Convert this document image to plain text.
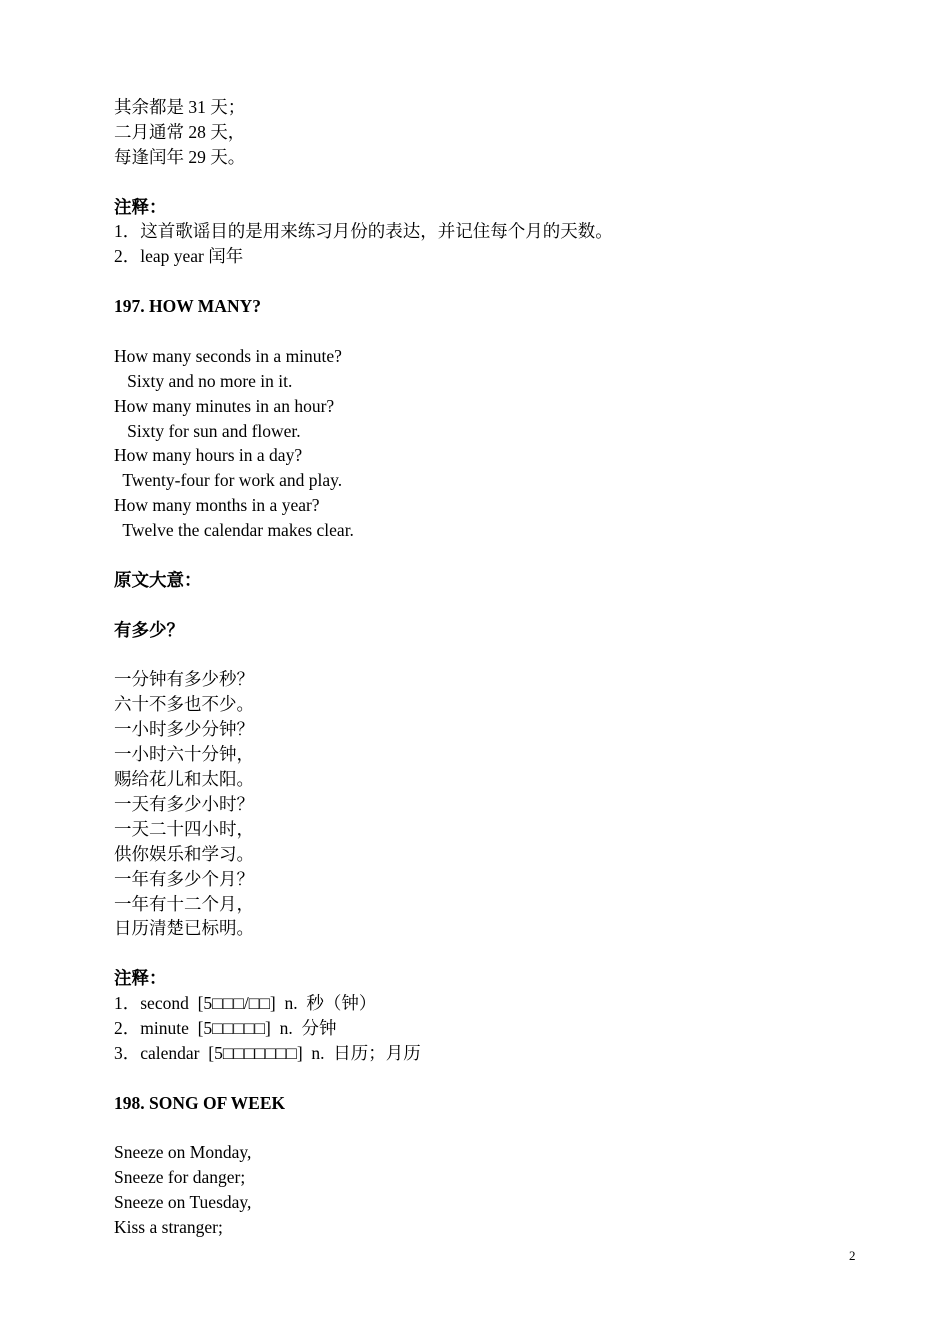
其余都是 31 天；
二月通常 28 天，
每逢闰年 29 天。
注释：
1．这首歌谣目的是用来练习月份的表达，并记住每个月的天数。
2．leap year 闰年
197. HOW MANY?
How many seconds in a minute?
Sixty and no more in it.
How many minutes in an hour?
Sixty for sun and flower.
How many hours in a day?
Twenty-four for work and play.
How many months in a year?
Twelve the calendar makes clear.
原文大意：
有多少？
一分钟有多少秒？
六十不多也不少。
一小时多少分钟？
一小时六十分钟，
赐给花儿和太阳。
一天有多少小时？
一天二十四小时，
供你娱乐和学习。
一年有多少个月？
一年有十二个月，
日历清楚已标明。
注释：
1．second  [5□□□/□□]  n.  秒（钟）
2．minute  [5□□□□□]  n.  分钟
3．calendar  [5□□□□□□□]  n.  日历；月历
198. SONG OF WEEK
Sneeze on Monday,
Sneeze for danger;
Sneeze on Tuesday,
Kiss a stranger;
2
